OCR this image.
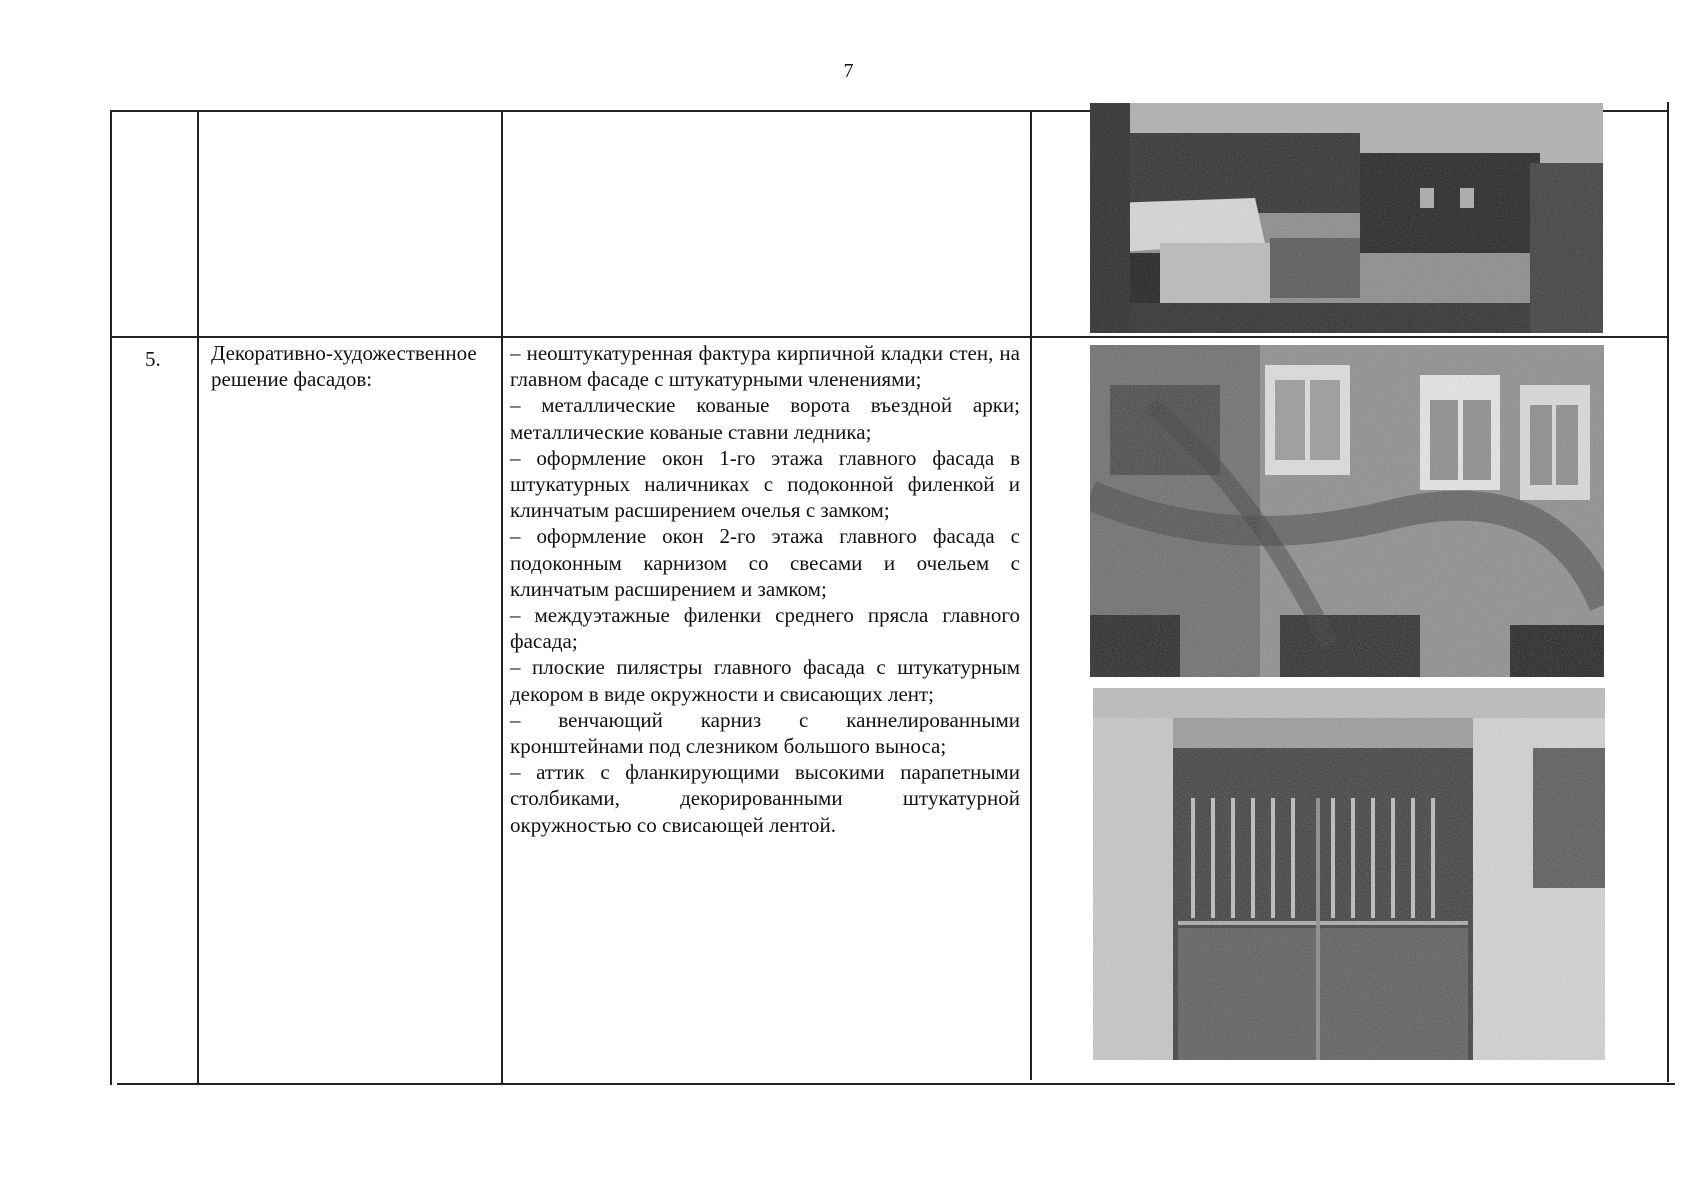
7
5. Декоративно-художественное решение фасадов:

– неоштукатуренная фактура кирпичной кладки стен, на главном фасаде с штукатурными членениями;

– металлические кованые ворота въездной арки; металлические кованые ставни ледника;

– оформление окон 1-го этажа главного фасада в штукатурных наличниках с подоконной филенкой и клинчатым расширением очелья с замком;

– оформление окон 2-го этажа главного фасада с подоконным карнизом со свесами и очельем с клинчатым расширением и замком;

– междуэтажные филенки среднего прясла главного фасада;

– плоские пилястры главного фасада с штукатурным декором в виде окружности и свисающих лент;

– венчающий карниз с каннелированными кронштейнами под слезником большого выноса;

– аттик с фланкирующими высокими парапетными столбиками, декорированными штукатурной окружностью со свисающей лентой.
